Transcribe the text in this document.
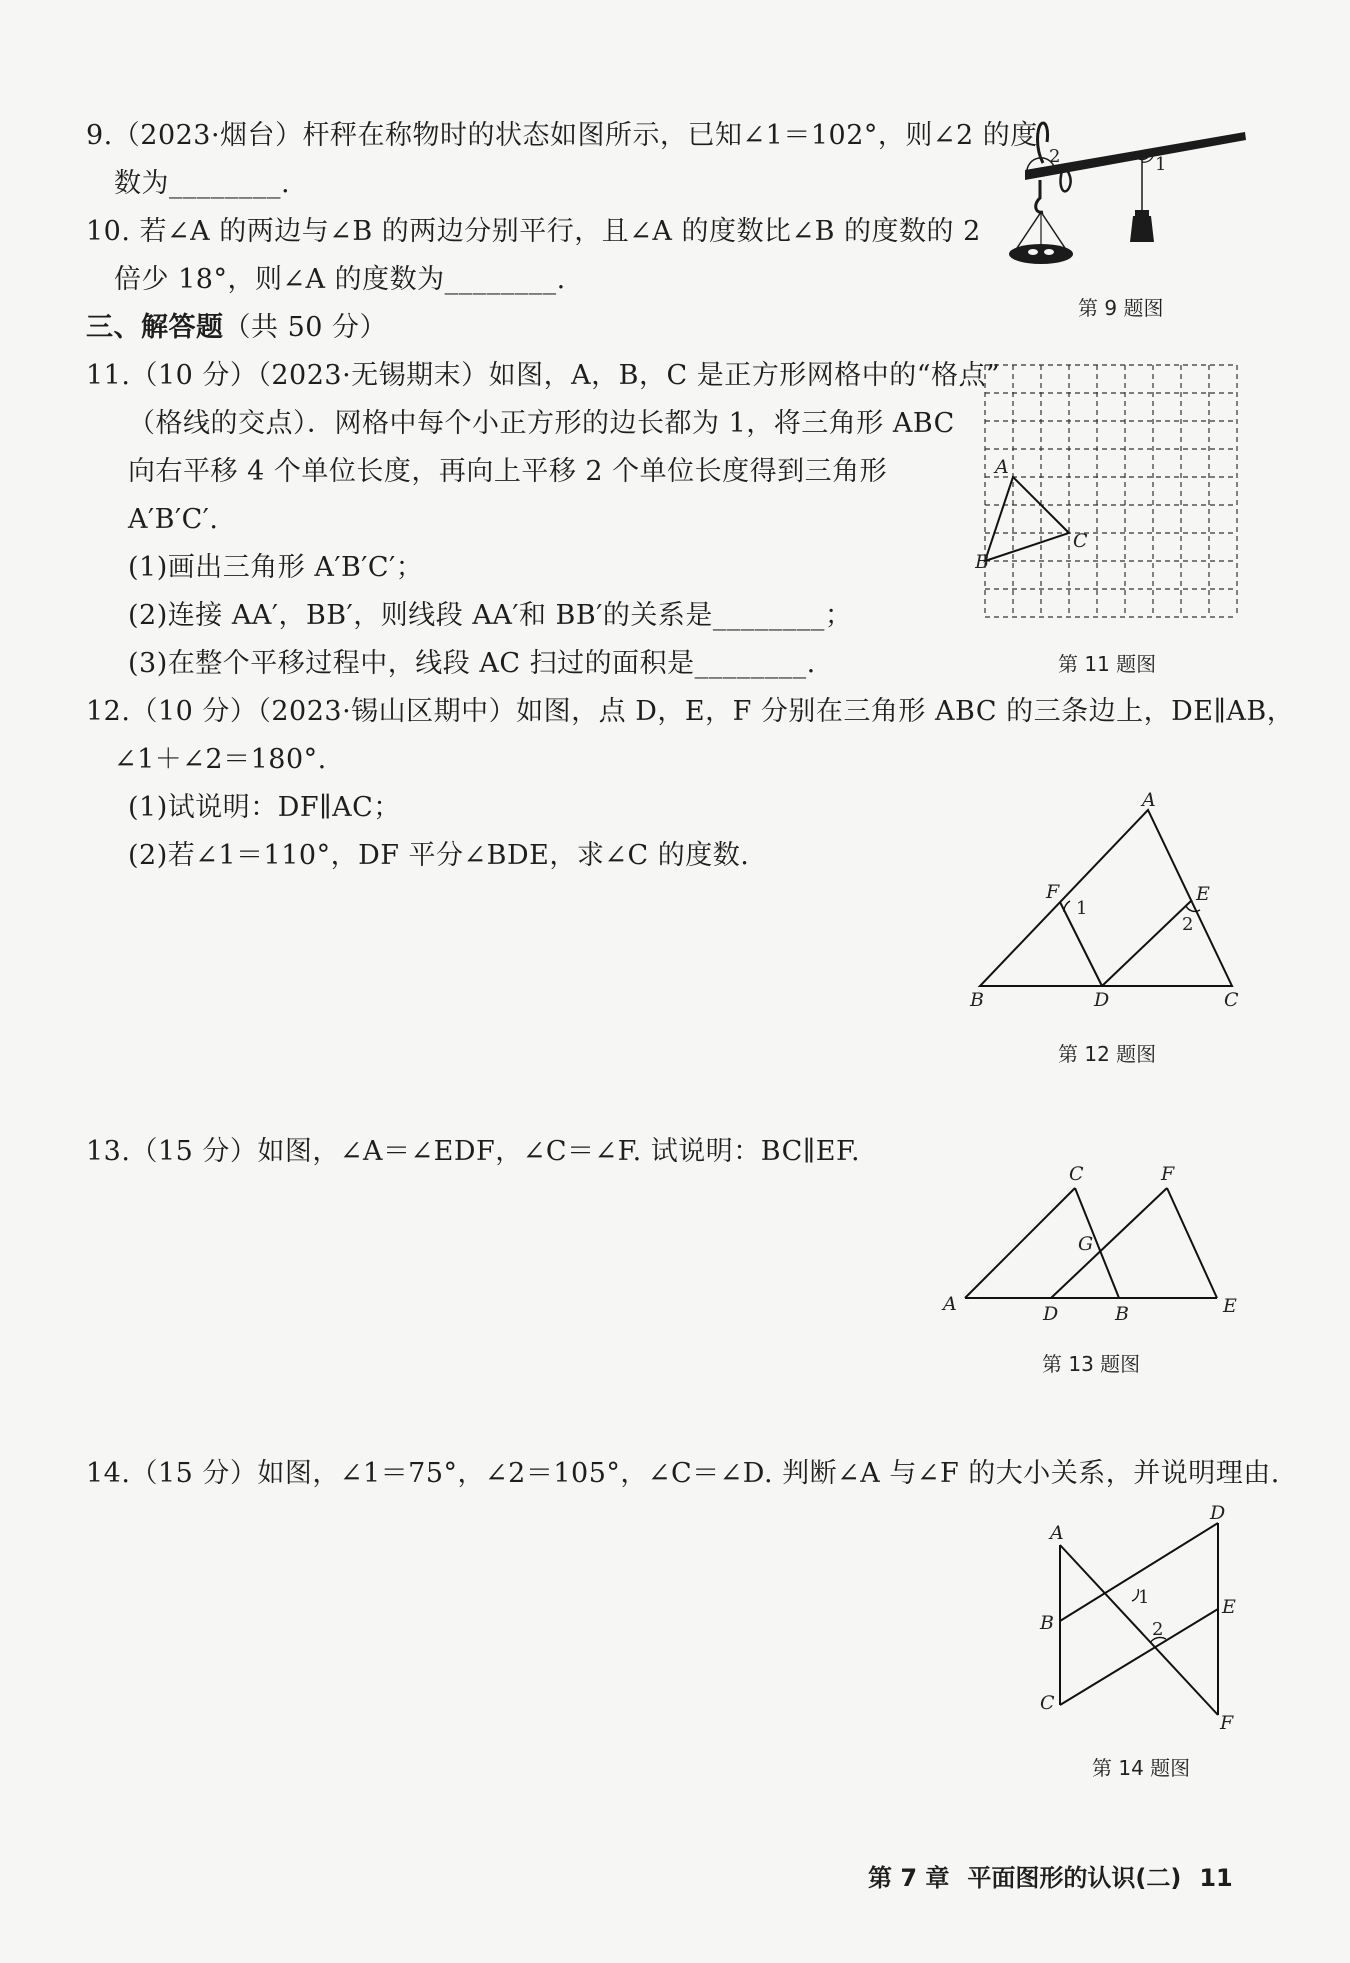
9.（2023·烟台）杆秤在称物时的状态如图所示，已知∠1＝102°，则∠2 的度
数为________.
10. 若∠A 的两边与∠B 的两边分别平行，且∠A 的度数比∠B 的度数的 2
倍少 18°，则∠A 的度数为________.
1
2
第 9 题图
三、解答题（共 50 分）
11.（10 分）（2023·无锡期末）如图，A，B，C 是正方形网格中的“格点”
（格线的交点）．网格中每个小正方形的边长都为 1，将三角形 ABC
向右平移 4 个单位长度，再向上平移 2 个单位长度得到三角形
A′B′C′.
(1)画出三角形 A′B′C′；
(2)连接 AA′，BB′，则线段 AA′和 BB′的关系是________；
(3)在整个平移过程中，线段 AC 扫过的面积是________.
A
B
C
第 11 题图
12.（10 分）（2023·锡山区期中）如图，点 D，E，F 分别在三角形 ABC 的三条边上，DE∥AB，
∠1＋∠2＝180°.
(1)试说明：DF∥AC；
(2)若∠1＝110°，DF 平分∠BDE，求∠C 的度数.
A
B	C
D
E
F
1
2
第 12 题图
13.（15 分）如图，∠A＝∠EDF，∠C＝∠F. 试说明：BC∥EF.
C	F
G
A	D	B	E
第 13 题图
14.（15 分）如图，∠1＝75°，∠2＝105°，∠C＝∠D. 判断∠A 与∠F 的大小关系，并说明理由.
A
B
C
D
E
F
1
2
第 14 题图
第 7 章 平面图形的认识(二) 11
